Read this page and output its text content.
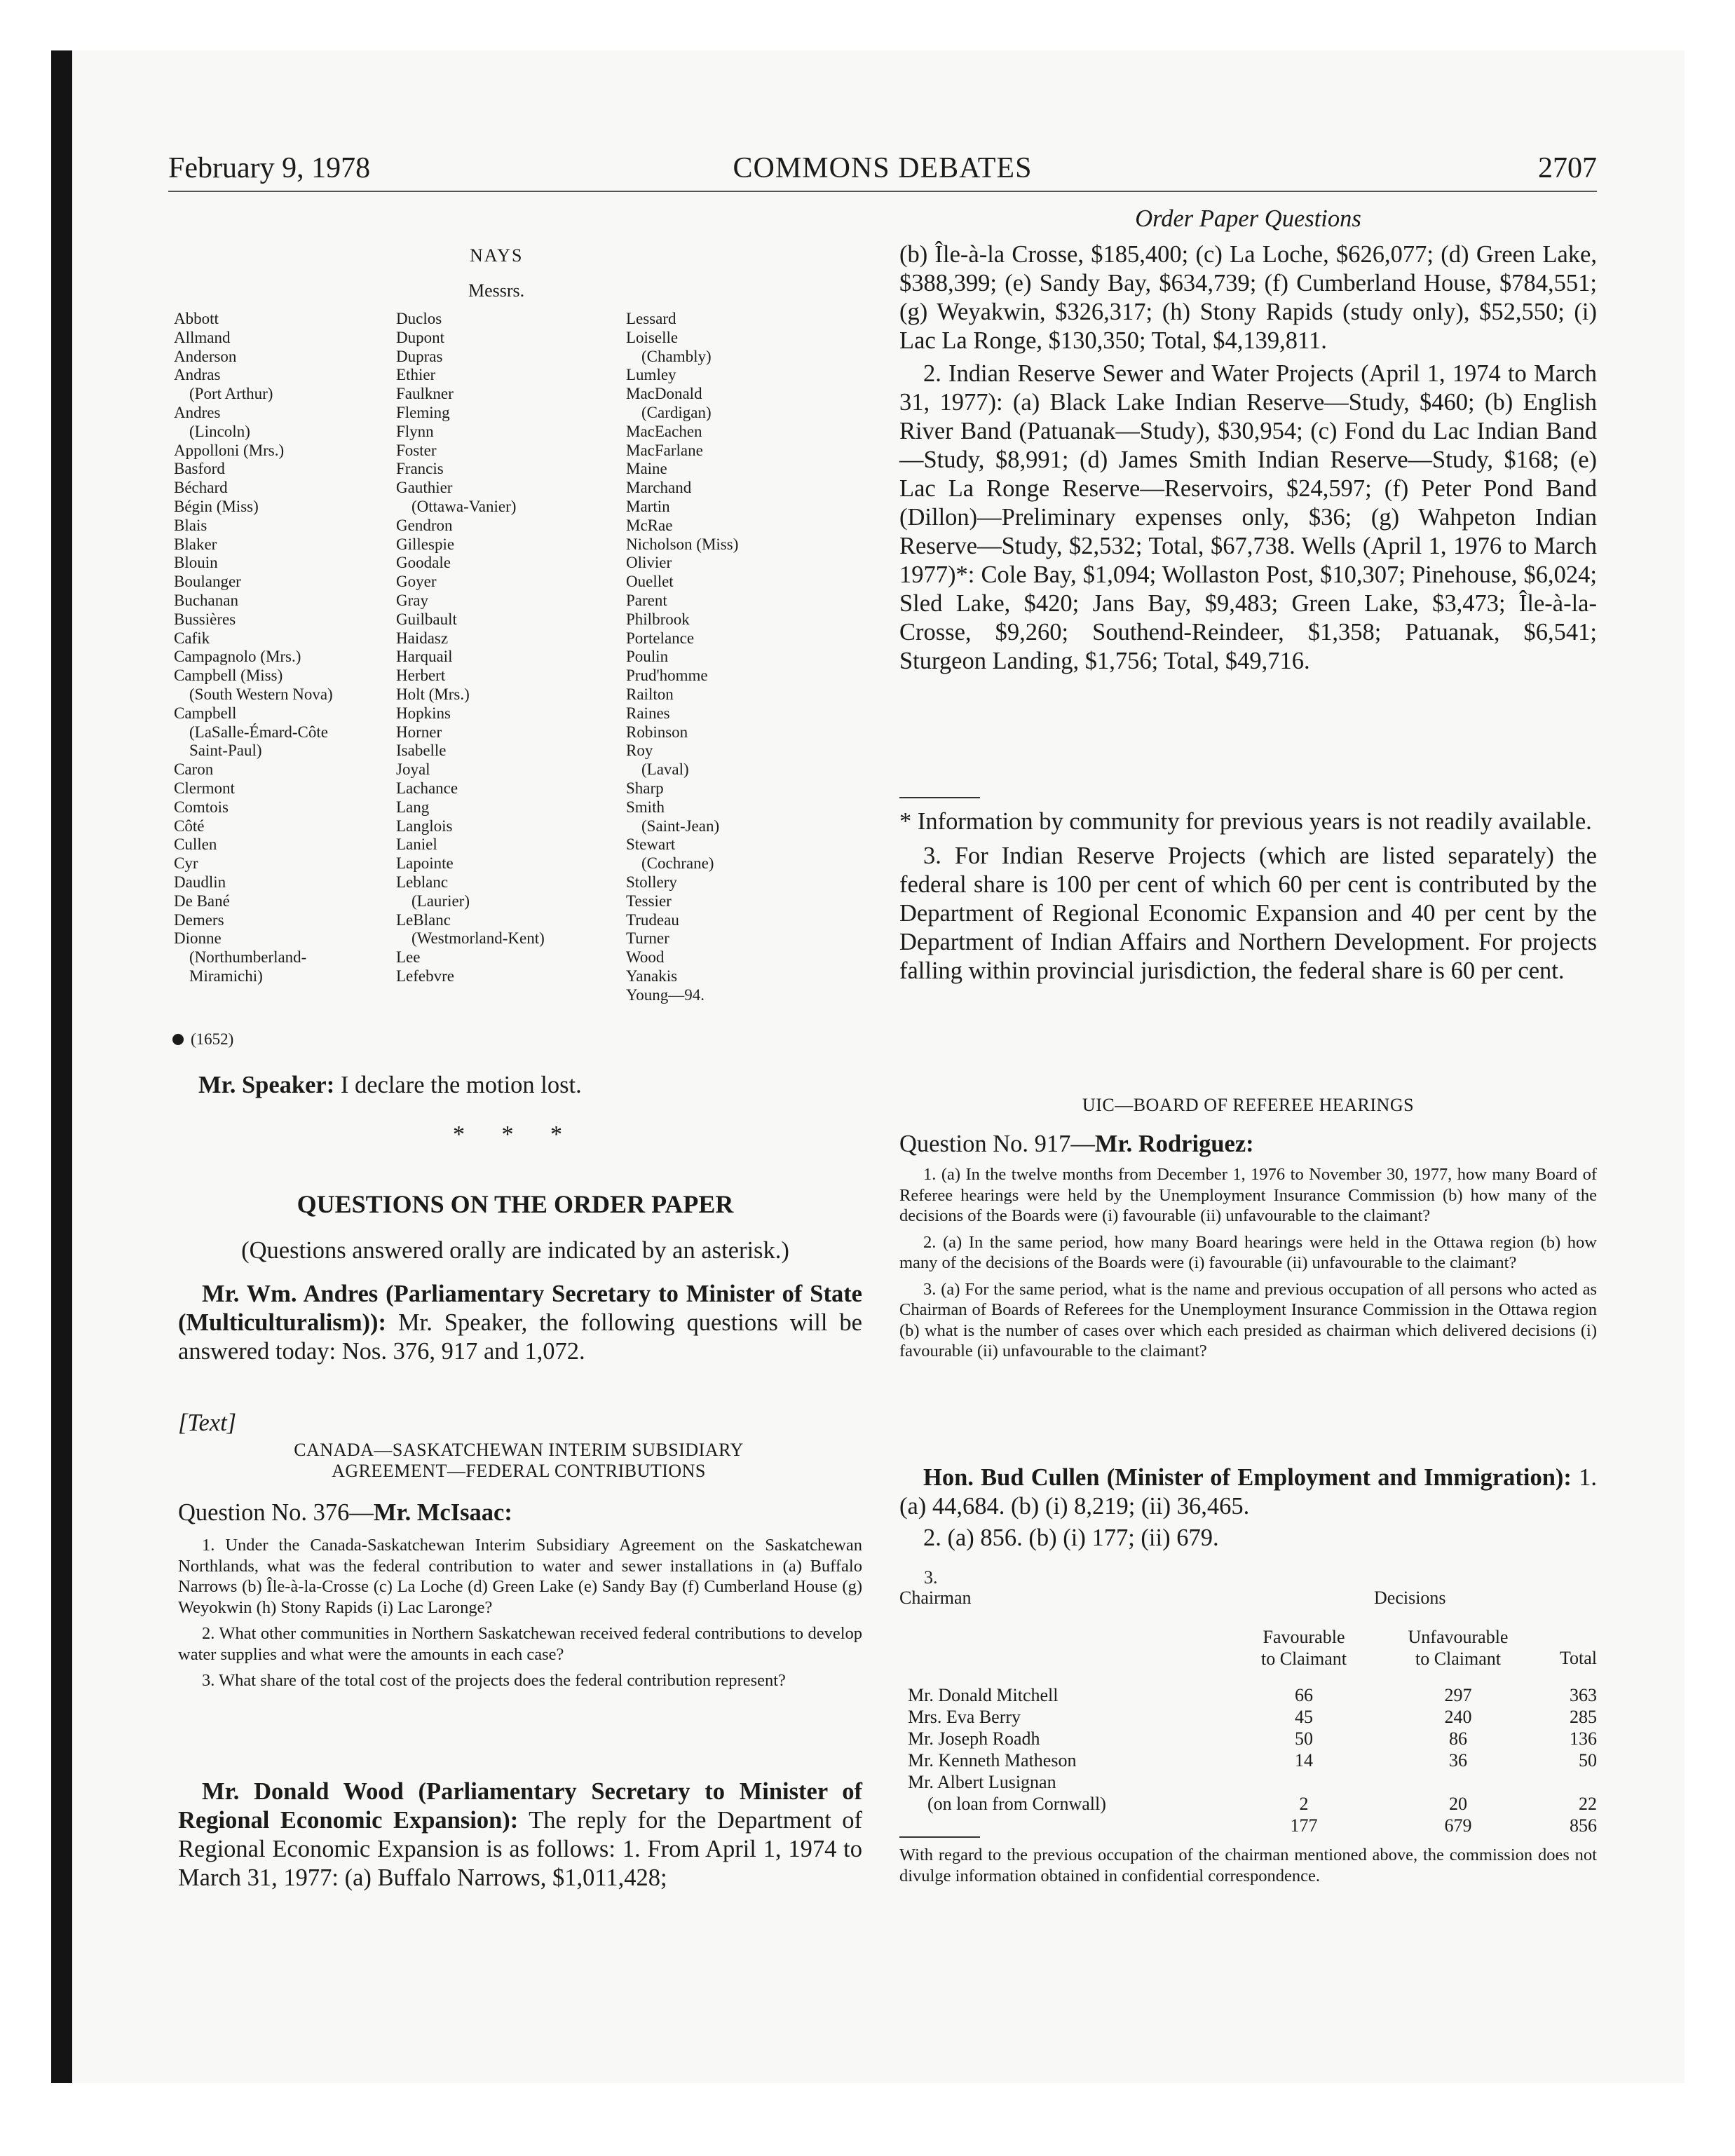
February 9, 1978	COMMONS DEBATES	2707
NAYS
Messrs.
Abbott
Allmand
Anderson
Andras
(Port Arthur)
Andres
(Lincoln)
Appolloni (Mrs.)
Basford
Béchard
Bégin (Miss)
Blais
Blaker
Blouin
Boulanger
Buchanan
Bussières
Cafik
Campagnolo (Mrs.)
Campbell (Miss)
(South Western Nova)
Campbell
(LaSalle-Émard-Côte
Saint-Paul)
Caron
Clermont
Comtois
Côté
Cullen
Cyr
Daudlin
De Bané
Demers
Dionne
(Northumberland-
Miramichi)
Duclos
Dupont
Dupras
Ethier
Faulkner
Fleming
Flynn
Foster
Francis
Gauthier
(Ottawa-Vanier)
Gendron
Gillespie
Goodale
Goyer
Gray
Guilbault
Haidasz
Harquail
Herbert
Holt (Mrs.)
Hopkins
Horner
Isabelle
Joyal
Lachance
Lang
Langlois
Laniel
Lapointe
Leblanc
(Laurier)
LeBlanc
(Westmorland-Kent)
Lee
Lefebvre
Lessard
Loiselle
(Chambly)
Lumley
MacDonald
(Cardigan)
MacEachen
MacFarlane
Maine
Marchand
Martin
McRae
Nicholson (Miss)
Olivier
Ouellet
Parent
Philbrook
Portelance
Poulin
Prud'homme
Railton
Raines
Robinson
Roy
(Laval)
Sharp
Smith
(Saint-Jean)
Stewart
(Cochrane)
Stollery
Tessier
Trudeau
Turner
Wood
Yanakis
Young—94.
(1652)

Mr. Speaker: I declare the motion lost.

* * *
QUESTIONS ON THE ORDER PAPER
(Questions answered orally are indicated by an asterisk.)

Mr. Wm. Andres (Parliamentary Secretary to Minister of State (Multiculturalism)): Mr. Speaker, the following questions will be answered today: Nos. 376, 917 and 1,072.

[Text]
CANADA—SASKATCHEWAN INTERIM SUBSIDIARY AGREEMENT—FEDERAL CONTRIBUTIONS
Question No. 376—Mr. McIsaac:

1. Under the Canada-Saskatchewan Interim Subsidiary Agreement on the Saskatchewan Northlands, what was the federal contribution to water and sewer installations in (a) Buffalo Narrows (b) Île-à-la-Crosse (c) La Loche (d) Green Lake (e) Sandy Bay (f) Cumberland House (g) Weyokwin (h) Stony Rapids (i) Lac Laronge?

2. What other communities in Northern Saskatchewan received federal contributions to develop water supplies and what were the amounts in each case?

3. What share of the total cost of the projects does the federal contribution represent?

Mr. Donald Wood (Parliamentary Secretary to Minister of Regional Economic Expansion): The reply for the Department of Regional Economic Expansion is as follows: 1. From April 1, 1974 to March 31, 1977: (a) Buffalo Narrows, $1,011,428;

Order Paper Questions

(b) Île-à-la Crosse, $185,400; (c) La Loche, $626,077; (d) Green Lake, $388,399; (e) Sandy Bay, $634,739; (f) Cumberland House, $784,551; (g) Weyakwin, $326,317; (h) Stony Rapids (study only), $52,550; (i) Lac La Ronge, $130,350; Total, $4,139,811.

2. Indian Reserve Sewer and Water Projects (April 1, 1974 to March 31, 1977): (a) Black Lake Indian Reserve—Study, $460; (b) English River Band (Patuanak—Study), $30,954; (c) Fond du Lac Indian Band—Study, $8,991; (d) James Smith Indian Reserve—Study, $168; (e) Lac La Ronge Reserve—Reservoirs, $24,597; (f) Peter Pond Band (Dillon)—Preliminary expenses only, $36; (g) Wahpeton Indian Reserve—Study, $2,532; Total, $67,738. Wells (April 1, 1976 to March 1977)*: Cole Bay, $1,094; Wollaston Post, $10,307; Pinehouse, $6,024; Sled Lake, $420; Jans Bay, $9,483; Green Lake, $3,473; Île-à-la-Crosse, $9,260; Southend-Reindeer, $1,358; Patuanak, $6,541; Sturgeon Landing, $1,756; Total, $49,716.

* Information by community for previous years is not readily available.

3. For Indian Reserve Projects (which are listed separately) the federal share is 100 per cent of which 60 per cent is contributed by the Department of Regional Economic Expansion and 40 per cent by the Department of Indian Affairs and Northern Development. For projects falling within provincial jurisdiction, the federal share is 60 per cent.

UIC—BOARD OF REFEREE HEARINGS
Question No. 917—Mr. Rodriguez:

1. (a) In the twelve months from December 1, 1976 to November 30, 1977, how many Board of Referee hearings were held by the Unemployment Insurance Commission (b) how many of the decisions of the Boards were (i) favourable (ii) unfavourable to the claimant?

2. (a) In the same period, how many Board hearings were held in the Ottawa region (b) how many of the decisions of the Boards were (i) favourable (ii) unfavourable to the claimant?

3. (a) For the same period, what is the name and previous occupation of all persons who acted as Chairman of Boards of Referees for the Unemployment Insurance Commission in the Ottawa region (b) what is the number of cases over which each presided as chairman which delivered decisions (i) favourable (ii) unfavourable to the claimant?

Hon. Bud Cullen (Minister of Employment and Immigration): 1. (a) 44,684. (b) (i) 8,219; (ii) 36,465.

2. (a) 856. (b) (i) 177; (ii) 679.

3.
Chairman	Decisions
Favourable
to Claimant
Unfavourable
to Claimant	Total
Mr. Donald Mitchell	66	297	363
Mrs. Eva Berry	45	240	285
Mr. Joseph Roadh	50	86	136
Mr. Kenneth Matheson	14	36	50
Mr. Albert Lusignan
(on loan from Cornwall)	2	20	22
177	679	856

With regard to the previous occupation of the chairman mentioned above, the commission does not divulge information obtained in confidential correspondence.
